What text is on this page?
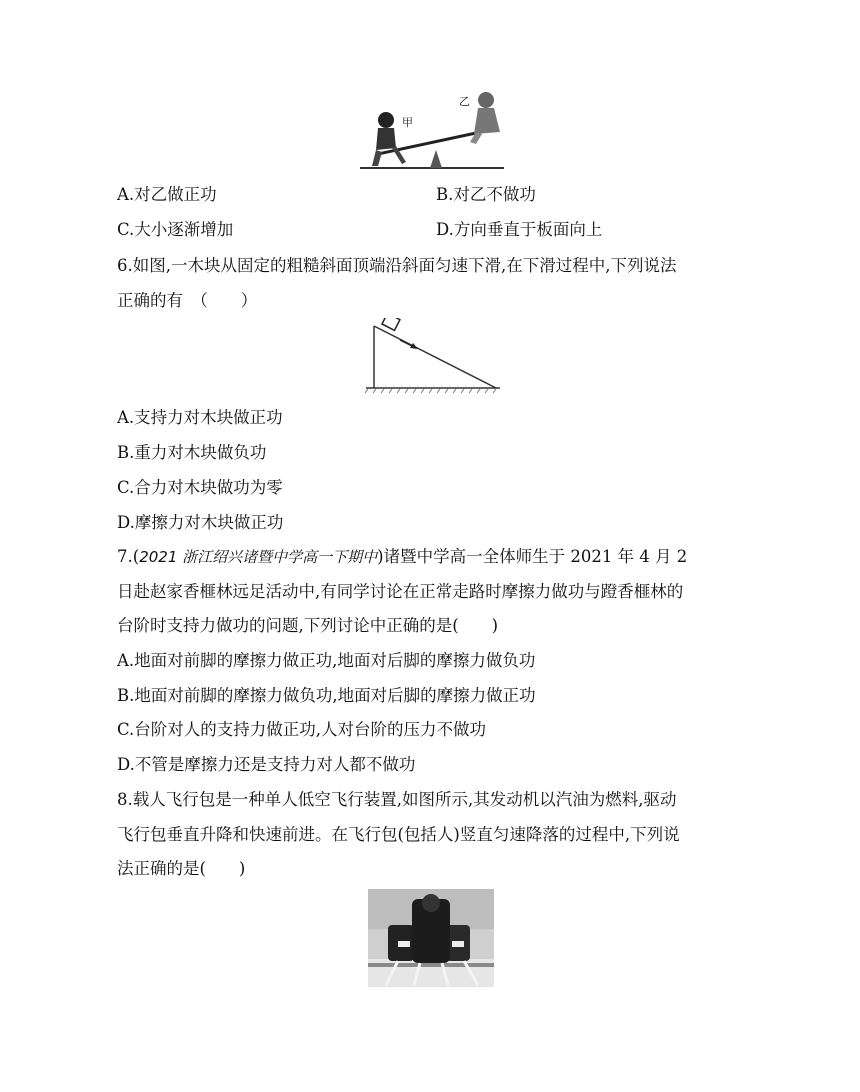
甲
乙
A.对乙做正功	B.对乙不做功
C.大小逐渐增加	D.方向垂直于板面向上
6.如图,一木块从固定的粗糙斜面顶端沿斜面匀速下滑,在下滑过程中,下列说法
正确的有　（　　）
A.支持力对木块做正功
B.重力对木块做负功
C.合力对木块做功为零
D.摩擦力对木块做正功
7.(2021 浙江绍兴诸暨中学高一下期中)诸暨中学高一全体师生于 2021 年 4 月 2
日赴赵家香榧林远足活动中,有同学讨论在正常走路时摩擦力做功与蹬香榧林的
台阶时支持力做功的问题,下列讨论中正确的是(　　)
A.地面对前脚的摩擦力做正功,地面对后脚的摩擦力做负功
B.地面对前脚的摩擦力做负功,地面对后脚的摩擦力做正功
C.台阶对人的支持力做正功,人对台阶的压力不做功
D.不管是摩擦力还是支持力对人都不做功
8.载人飞行包是一种单人低空飞行装置,如图所示,其发动机以汽油为燃料,驱动
飞行包垂直升降和快速前进。在飞行包(包括人)竖直匀速降落的过程中,下列说
法正确的是(　　)
